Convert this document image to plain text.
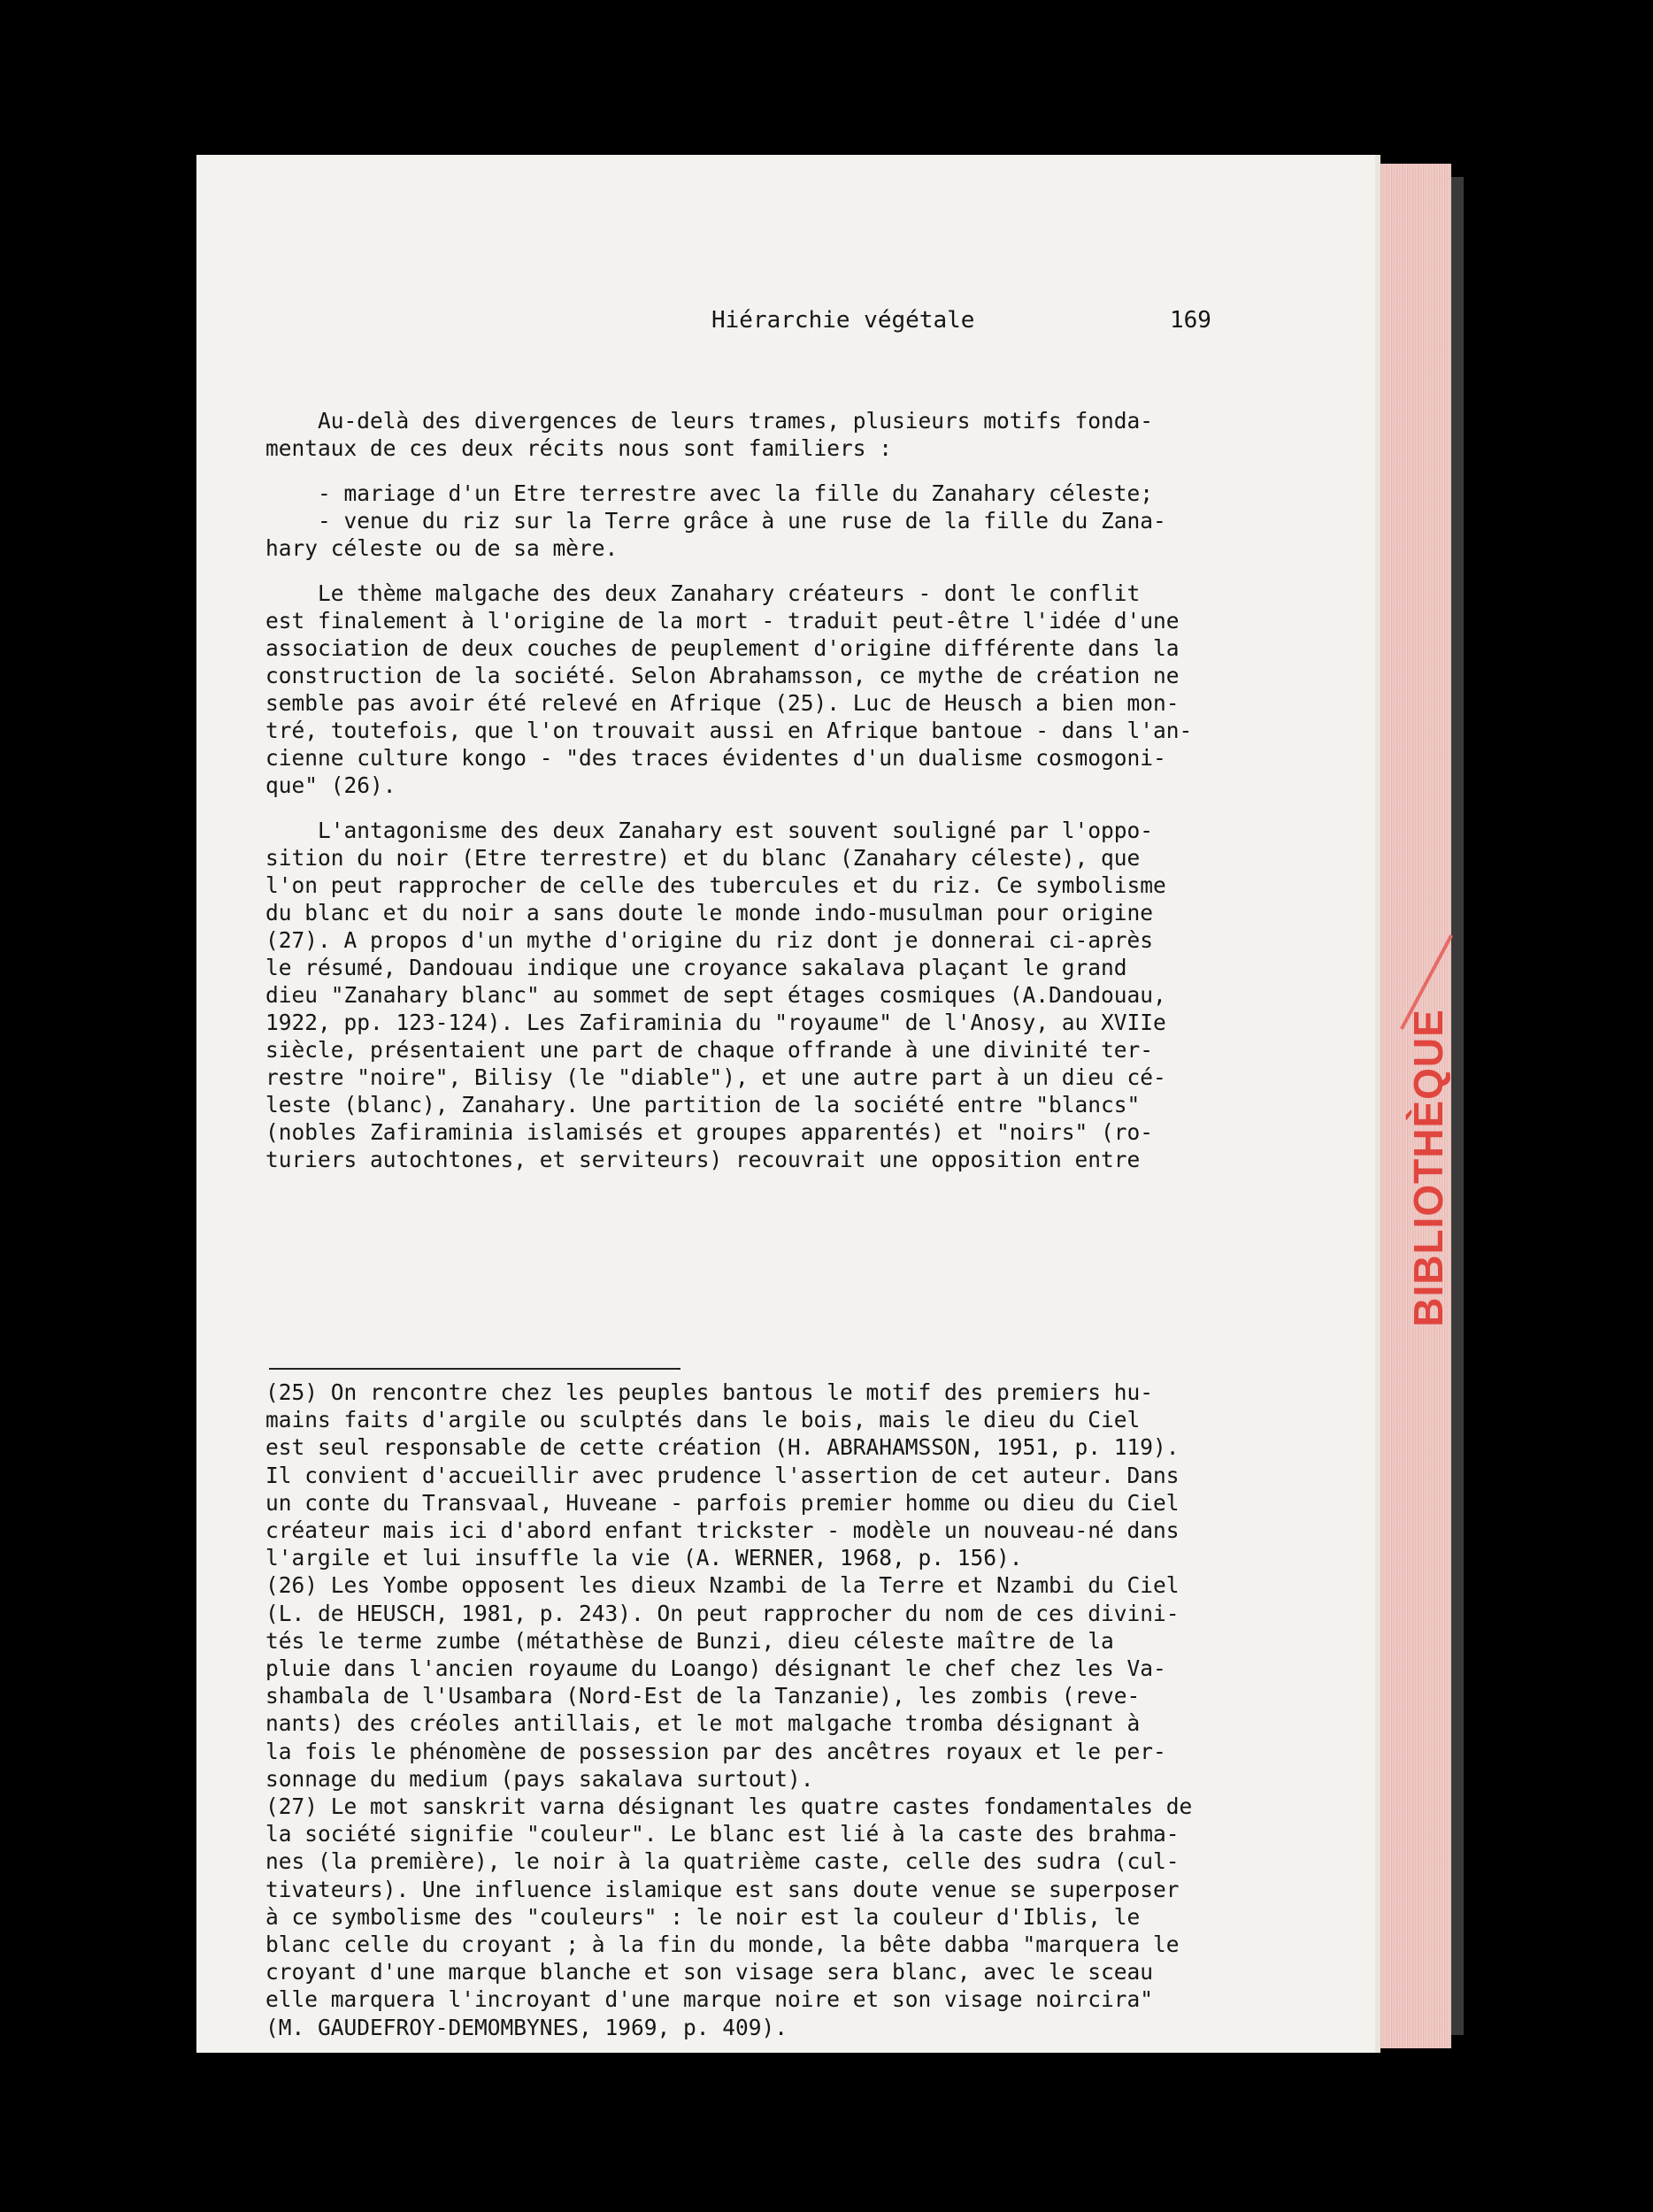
Hiérarchie végétale	169

Au-delà des divergences de leurs trames, plusieurs motifs fonda-

mentaux de ces deux récits nous sont familiers :

- mariage d'un Etre terrestre avec la fille du Zanahary céleste;

- venue du riz sur la Terre grâce à une ruse de la fille du Zana-

hary céleste ou de sa mère.

Le thème malgache des deux Zanahary créateurs - dont le conflit

est finalement à l'origine de la mort - traduit peut-être l'idée d'une

association de deux couches de peuplement d'origine différente dans la

construction de la société. Selon Abrahamsson, ce mythe de création ne

semble pas avoir été relevé en Afrique (25). Luc de Heusch a bien mon-

tré, toutefois, que l'on trouvait aussi en Afrique bantoue - dans l'an-

cienne culture kongo - "des traces évidentes d'un dualisme cosmogoni-

que" (26).

L'antagonisme des deux Zanahary est souvent souligné par l'oppo-

sition du noir (Etre terrestre) et du blanc (Zanahary céleste), que

l'on peut rapprocher de celle des tubercules et du riz. Ce symbolisme

du blanc et du noir a sans doute le monde indo-musulman pour origine

(27). A propos d'un mythe d'origine du riz dont je donnerai ci-après

le résumé, Dandouau indique une croyance sakalava plaçant le grand

dieu "Zanahary blanc" au sommet de sept étages cosmiques (A.Dandouau,

1922, pp. 123-124). Les Zafiraminia du "royaume" de l'Anosy, au XVIIe

siècle, présentaient une part de chaque offrande à une divinité ter-

restre "noire", Bilisy (le "diable"), et une autre part à un dieu cé-

leste (blanc), Zanahary. Une partition de la société entre "blancs"

(nobles Zafiraminia islamisés et groupes apparentés) et "noirs" (ro-

turiers autochtones, et serviteurs) recouvrait une opposition entre

(25) On rencontre chez les peuples bantous le motif des premiers hu-

mains faits d'argile ou sculptés dans le bois, mais le dieu du Ciel

est seul responsable de cette création (H. ABRAHAMSSON, 1951, p. 119).

Il convient d'accueillir avec prudence l'assertion de cet auteur. Dans

un conte du Transvaal, Huveane - parfois premier homme ou dieu du Ciel

créateur mais ici d'abord enfant trickster - modèle un nouveau-né dans

l'argile et lui insuffle la vie (A. WERNER, 1968, p. 156).

(26) Les Yombe opposent les dieux Nzambi de la Terre et Nzambi du Ciel

(L. de HEUSCH, 1981, p. 243). On peut rapprocher du nom de ces divini-

tés le terme zumbe (métathèse de Bunzi, dieu céleste maître de la

pluie dans l'ancien royaume du Loango) désignant le chef chez les Va-

shambala de l'Usambara (Nord-Est de la Tanzanie), les zombis (reve-

nants) des créoles antillais, et le mot malgache tromba désignant à

la fois le phénomène de possession par des ancêtres royaux et le per-

sonnage du medium (pays sakalava surtout).

(27) Le mot sanskrit varna désignant les quatre castes fondamentales de

la société signifie "couleur". Le blanc est lié à la caste des brahma-

nes (la première), le noir à la quatrième caste, celle des sudra (cul-

tivateurs). Une influence islamique est sans doute venue se superposer

à ce symbolisme des "couleurs" : le noir est la couleur d'Iblis, le

blanc celle du croyant ; à la fin du monde, la bête dabba "marquera le

croyant d'une marque blanche et son visage sera blanc, avec le sceau

elle marquera l'incroyant d'une marque noire et son visage noircira"

(M. GAUDEFROY-DEMOMBYNES, 1969, p. 409).

BIBLIOTHÈQUE
